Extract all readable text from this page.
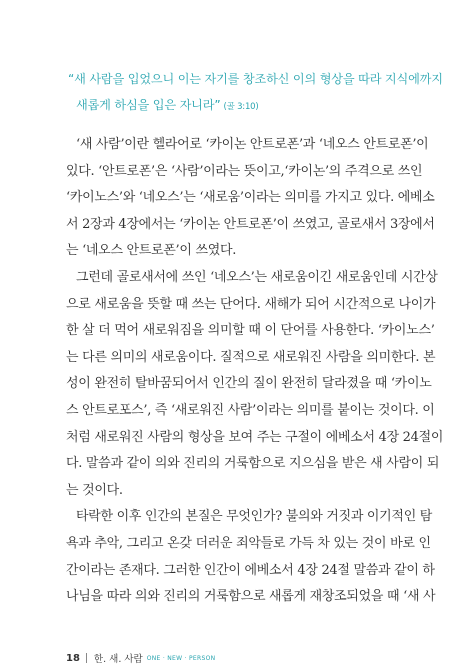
“새 사람을 입었으니 이는 자기를 창조하신 이의 형상을 따라 지식에까지
새롭게 하심을 입은 자니라” (골 3:10)
‘새 사람’이란 헬라어로 ‘카이논 안트로폰’과 ‘네오스 안트로폰’이
있다. ‘안트로폰’은 ‘사람’이라는 뜻이고,‘카이논’의 주격으로 쓰인
‘카이노스’와 ‘네오스’는 ‘새로움’이라는 의미를 가지고 있다. 에베소
서 2장과 4장에서는 ‘카이논 안트로폰’이 쓰였고, 골로새서 3장에서
는 ‘네오스 안트로폰’이 쓰였다.
그런데 골로새서에 쓰인 ‘네오스’는 새로움이긴 새로움인데 시간상
으로 새로움을 뜻할 때 쓰는 단어다. 새해가 되어 시간적으로 나이가
한 살 더 먹어 새로워짐을 의미할 때 이 단어를 사용한다. ‘카이노스’
는 다른 의미의 새로움이다. 질적으로 새로워진 사람을 의미한다. 본
성이 완전히 탈바꿈되어서 인간의 질이 완전히 달라졌을 때 ‘카이노
스 안트로포스’, 즉 ‘새로워진 사람’이라는 의미를 붙이는 것이다. 이
처럼 새로워진 사람의 형상을 보여 주는 구절이 에베소서 4장 24절이
다. 말씀과 같이 의와 진리의 거룩함으로 지으심을 받은 새 사람이 되
는 것이다.
타락한 이후 인간의 본질은 무엇인가? 불의와 거짓과 이기적인 탐
욕과 추악, 그리고 온갖 더러운 죄악들로 가득 차 있는 것이 바로 인
간이라는 존재다. 그러한 인간이 에베소서 4장 24절 말씀과 같이 하
나님을 따라 의와 진리의 거룩함으로 새롭게 재창조되었을 때 ‘새 사
18 한. 새. 사람 ONE · NEW · PERSON
